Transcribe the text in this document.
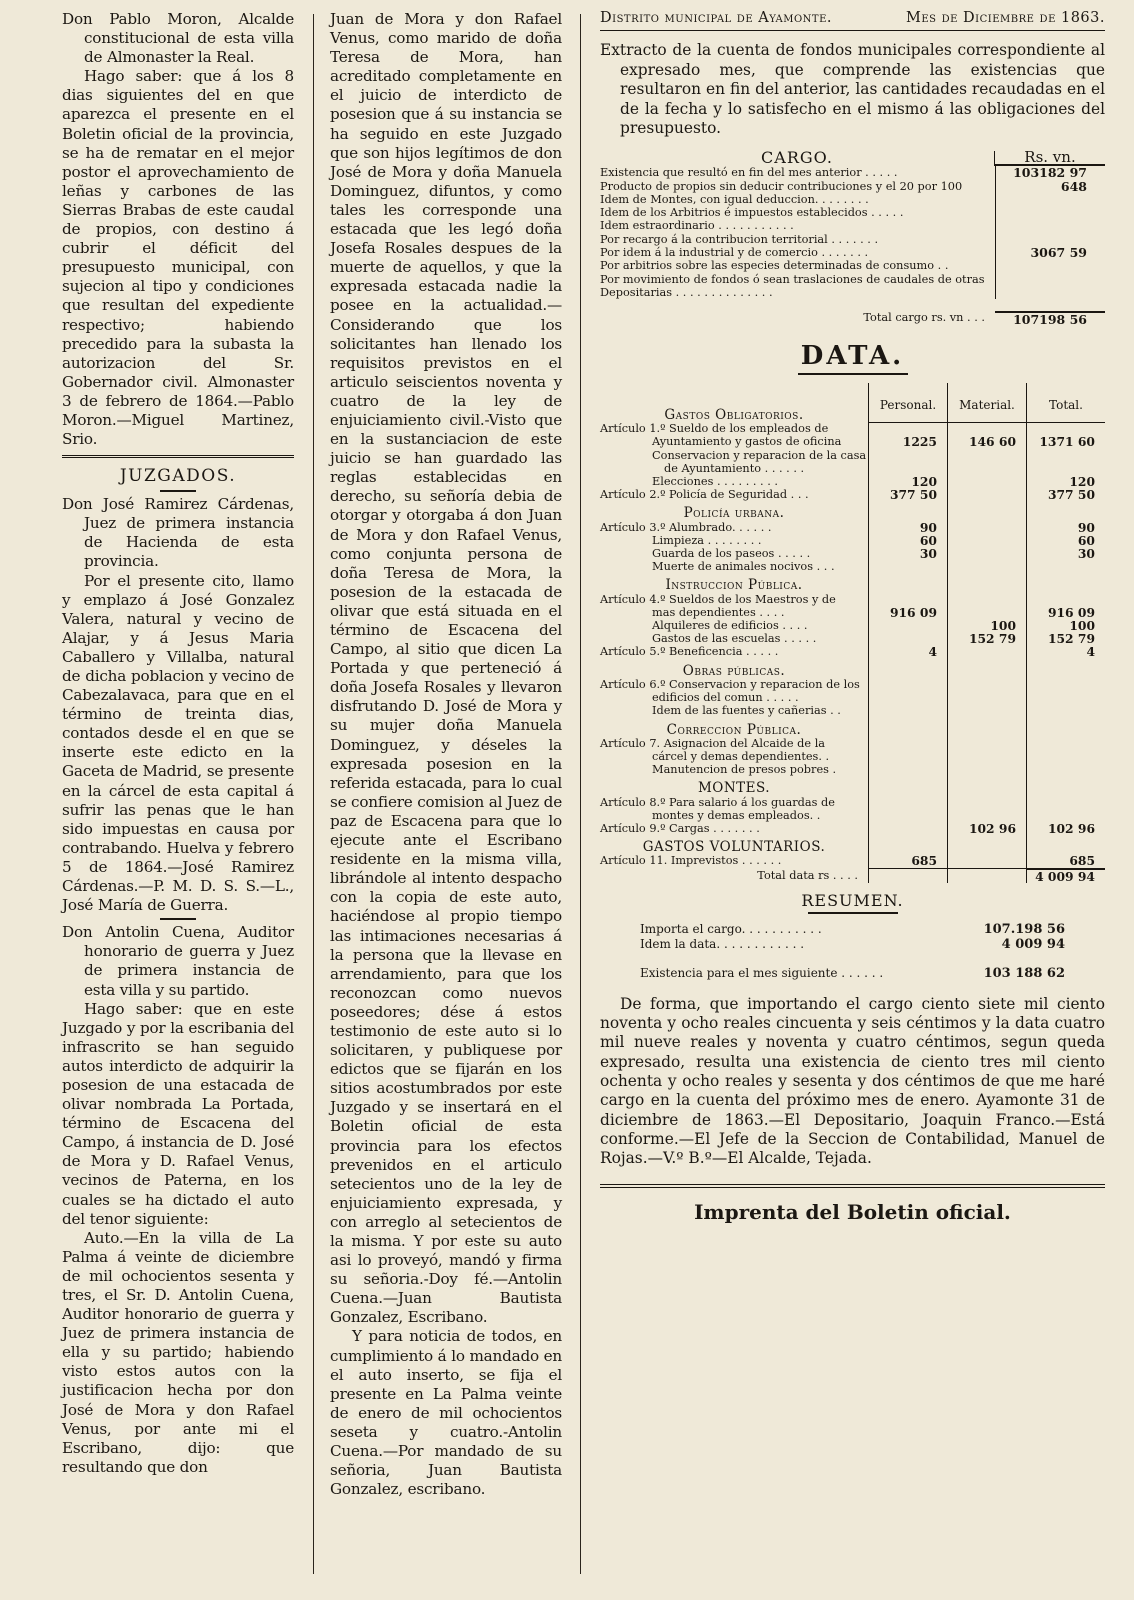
Don Pablo Moron, Alcalde constitucional de esta villa de Almonaster la Real.

Hago saber: que á los 8 dias siguientes del en que aparezca el presente en el Boletin oficial de la provincia, se ha de rematar en el mejor postor el aprovechamiento de leñas y carbones de las Sierras Brabas de este caudal de propios, con destino á cubrir el déficit del presupuesto municipal, con sujecion al tipo y condiciones que resultan del expediente respectivo; habiendo precedido para la subasta la autorizacion del Sr. Gobernador civil. Almonaster 3 de febrero de 1864.—Pablo Moron.—Miguel Martinez, Srio.

JUZGADOS.

Don José Ramirez Cárdenas, Juez de primera instancia de Hacienda de esta provincia.

Por el presente cito, llamo y emplazo á José Gonzalez Valera, natural y vecino de Alajar, y á Jesus Maria Caballero y Villalba, natural de dicha poblacion y vecino de Cabezalavaca, para que en el término de treinta dias, contados desde el en que se inserte este edicto en la Gaceta de Madrid, se presente en la cárcel de esta capital á sufrir las penas que le han sido impuestas en causa por contrabando. Huelva y febrero 5 de 1864.—José Ramirez Cárdenas.—P. M. D. S. S.—L., José María de Guerra.

Don Antolin Cuena, Auditor honorario de guerra y Juez de primera instancia de esta villa y su partido.

Hago saber: que en este Juzgado y por la escribania del infrascrito se han seguido autos interdicto de adquirir la posesion de una estacada de olivar nombrada La Portada, término de Escacena del Campo, á instancia de D. José de Mora y D. Rafael Venus, vecinos de Paterna, en los cuales se ha dictado el auto del tenor siguiente:

Auto.—En la villa de La Palma á veinte de diciembre de mil ochocientos sesenta y tres, el Sr. D. Antolin Cuena, Auditor honorario de guerra y Juez de primera instancia de ella y su partido; habiendo visto estos autos con la justificacion hecha por don José de Mora y don Rafael Venus, por ante mi el Escribano, dijo: que resultando que don

Juan de Mora y don Rafael Venus, como marido de doña Teresa de Mora, han acreditado completamente en el juicio de interdicto de posesion que á su instancia se ha seguido en este Juzgado que son hijos legítimos de don José de Mora y doña Manuela Dominguez, difuntos, y como tales les corresponde una estacada que les legó doña Josefa Rosales despues de la muerte de aquellos, y que la expresada estacada nadie la posee en la actualidad.—Considerando que los solicitantes han llenado los requisitos previstos en el articulo seiscientos noventa y cuatro de la ley de enjuiciamiento civil.-Visto que en la sustanciacion de este juicio se han guardado las reglas establecidas en derecho, su señoría debia de otorgar y otorgaba á don Juan de Mora y don Rafael Venus, como conjunta persona de doña Teresa de Mora, la posesion de la estacada de olivar que está situada en el término de Escacena del Campo, al sitio que dicen La Portada y que perteneció á doña Josefa Rosales y llevaron disfrutando D. José de Mora y su mujer doña Manuela Dominguez, y déseles la expresada posesion en la referida estacada, para lo cual se confiere comision al Juez de paz de Escacena para que lo ejecute ante el Escribano residente en la misma villa, librándole al intento despacho con la copia de este auto, haciéndose al propio tiempo las intimaciones necesarias á la persona que la llevase en arrendamiento, para que los reconozcan como nuevos poseedores; dése á estos testimonio de este auto si lo solicitaren, y publiquese por edictos que se fijarán en los sitios acostumbrados por este Juzgado y se insertará en el Boletin oficial de esta provincia para los efectos prevenidos en el articulo setecientos uno de la ley de enjuiciamiento expresada, y con arreglo al setecientos de la misma. Y por este su auto asi lo proveyó, mandó y firma su señoria.-Doy fé.—Antolin Cuena.—Juan Bautista Gonzalez, Escribano.

Y para noticia de todos, en cumplimiento á lo mandado en el auto inserto, se fija el presente en La Palma veinte de enero de mil ochocientos seseta y cuatro.-Antolin Cuena.—Por mandado de su señoria, Juan Bautista Gonzalez, escribano.

Distrito municipal de Ayamonte.	Mes de Diciembre de 1863.

Extracto de la cuenta de fondos municipales correspondiente al expresado mes, que comprende las existencias que resultaron en fin del anterior, las cantidades recaudadas en el de la fecha y lo satisfecho en el mismo á las obligaciones del presupuesto.

CARGO.	Rs. vn.
Existencia que resultó en fin del mes anterior . . . . .	103182 97
Producto de propios sin deducir contribuciones y el 20 por 100	648
Idem de Montes, con igual deduccion. . . . . . . .
Idem de los Arbitrios é impuestos establecidos . . . . .
Idem estraordinario . . . . . . . . . . .
Por recargo á la contribucion territorial . . . . . . .
Por idem á la industrial y de comercio . . . . . . .	3067 59
Por arbitrios sobre las especies determinadas de consumo . .
Por movimiento de fondos ó sean traslaciones de caudales de otras
Depositarias . . . . . . . . . . . . . .
Total cargo rs. vn . . .	107198 56
DATA.
Gastos Obligatorios.	Personal.	Material.	Total.
Artículo 1.º Sueldo de los empleados de			
Ayuntamiento y gastos de oficina	1225	146 60	1371 60
Conservacion y reparacion de la casa			
de Ayuntamiento . . . . . .			
Elecciones . . . . . . . . .	120		120
Artículo 2.º Policía de Seguridad . . .	377 50		377 50
Policía urbana.			
Artículo 3.º Alumbrado. . . . . .	90		90
Limpieza . . . . . . . .	60		60
Guarda de los paseos . . . . .	30		30
Muerte de animales nocivos . . .			
Instruccion Pública.			
Artículo 4.º Sueldos de los Maestros y de			
mas dependientes . . . .	916 09		916 09
Alquileres de edificios . . . .		100	100
Gastos de las escuelas . . . . .		152 79	152 79
Artículo 5.º Beneficencia . . . . .	4		4
Obras públicas.			
Artículo 6.º Conservacion y reparacion de los			
edificios del comun . . . . .			
Idem de las fuentes y cañerias . .			
Correccion Pública.			
Artículo 7. Asignacion del Alcaide de la			
cárcel y demas dependientes. .			
Manutencion de presos pobres .			
MONTES.			
Artículo 8.º Para salario á los guardas de			
montes y demas empleados. .			
Artículo 9.º Cargas . . . . . . .		102 96	102 96
GASTOS VOLUNTARIOS.			
Artículo 11. Imprevistos . . . . . .	685		685
Total data rs . . . .			4 009 94
RESUMEN.
Importa el cargo. . . . . . . . . . .	107.198 56
Idem la data. . . . . . . . . . . .	4 009 94
Existencia para el mes siguiente . . . . . .	103 188 62

De forma, que importando el cargo ciento siete mil ciento noventa y ocho reales cincuenta y seis céntimos y la data cuatro mil nueve reales y noventa y cuatro céntimos, segun queda expresado, resulta una existencia de ciento tres mil ciento ochenta y ocho reales y sesenta y dos céntimos de que me haré cargo en la cuenta del próximo mes de enero. Ayamonte 31 de diciembre de 1863.—El Depositario, Joaquin Franco.—Está conforme.—El Jefe de la Seccion de Contabilidad, Manuel de Rojas.—V.º B.º—El Alcalde, Tejada.

Imprenta del Boletin oficial.
